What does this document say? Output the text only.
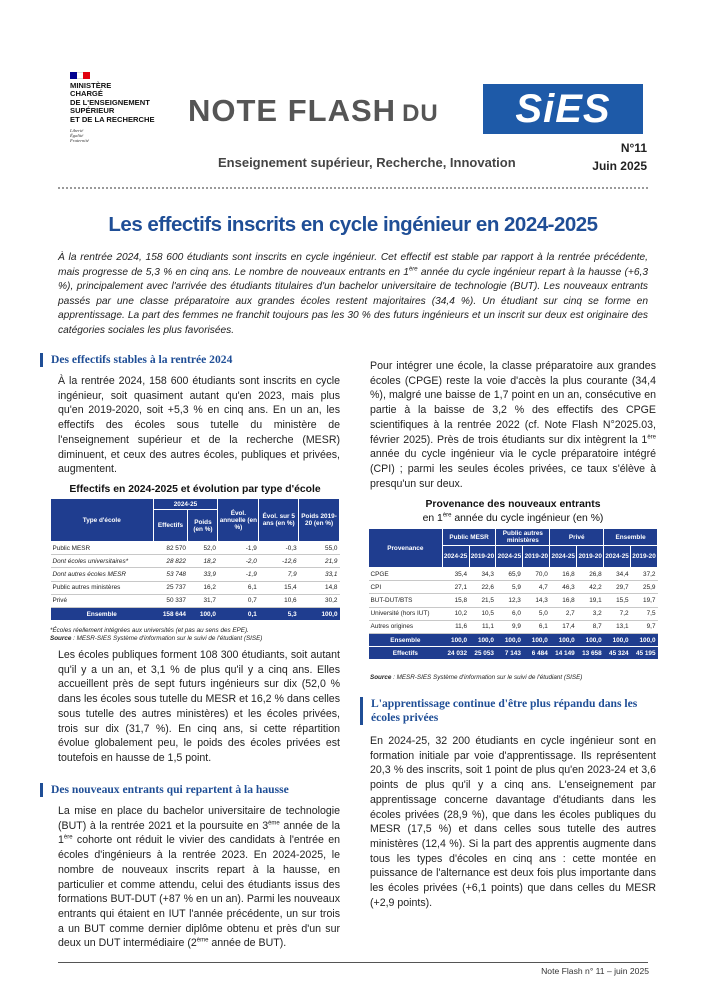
MINISTÈRE
CHARGÉ
DE L'ENSEIGNEMENT
SUPÉRIEUR
ET DE LA RECHERCHE
Liberté
Égalité
Fraternité
NOTE FLASH DU	SiES
N°11
Juin 2025
Enseignement supérieur, Recherche, Innovation
Les effectifs inscrits en cycle ingénieur en 2024-2025
À la rentrée 2024, 158 600 étudiants sont inscrits en cycle ingénieur. Cet effectif est stable par rapport à la rentrée précédente, mais progresse de 5,3 % en cinq ans. Le nombre de nouveaux entrants en 1ère année du cycle ingénieur repart à la hausse (+6,3 %), principalement avec l'arrivée des étudiants titulaires d'un bachelor universitaire de technologie (BUT). Les nouveaux entrants passés par une classe préparatoire aux grandes écoles restent majoritaires (34,4 %). Un étudiant sur cinq se forme en apprentissage. La part des femmes ne franchit toujours pas les 30 % des futurs ingénieurs et un inscrit sur deux est originaire des catégories sociales les plus favorisées.
Des effectifs stables à la rentrée 2024
À la rentrée 2024, 158 600 étudiants sont inscrits en cycle ingénieur, soit quasiment autant qu'en 2023, mais plus qu'en 2019-2020, soit +5,3 % en cinq ans. En un an, les effectifs des écoles sous tutelle du ministère de l'enseignement supérieur et de la recherche (MESR) diminuent, et ceux des autres écoles, publiques et privées, augmentent.
Effectifs en 2024-2025 et évolution par type d'école
Type d'école	2024-25		Évol. annuelle (en %)	Évol. sur 5 ans (en %)	Poids 2019-20 (en %)
	Effectifs	Poids (en %)			
Public MESR	82 570	52,0	-1,9	-0,3	55,0
Dont écoles universitaires*	28 822	18,2	-2,0	-12,6	21,9
Dont autres écoles MESR	53 748	33,9	-1,9	7,9	33,1
Public autres ministères	25 737	16,2	6,1	15,4	14,8
Privé	50 337	31,7	0,7	10,6	30,2
Ensemble	158 644	100,0	0,1	5,3	100,0
*Écoles réellement intégrées aux universités (et pas au sens des EPE).
Source : MESR-SIES Système d'information sur le suivi de l'étudiant (SISE)
Les écoles publiques forment 108 300 étudiants, soit autant qu'il y a un an, et 3,1 % de plus qu'il y a cinq ans. Elles accueillent près de sept futurs ingénieurs sur dix (52,0 % dans les écoles sous tutelle du MESR et 16,2 % dans celles sous tutelle des autres ministères) et les écoles privées, trois sur dix (31,7 %). En cinq ans, si cette répartition évolue globalement peu, le poids des écoles privées est toutefois en hausse de 1,5 point.
Des nouveaux entrants qui repartent à la hausse
La mise en place du bachelor universitaire de technologie (BUT) à la rentrée 2021 et la poursuite en 3ème année de la 1ère cohorte ont réduit le vivier des candidats à l'entrée en écoles d'ingénieurs à la rentrée 2023. En 2024-2025, le nombre de nouveaux inscrits repart à la hausse, en particulier et comme attendu, celui des étudiants issus des formations BUT-DUT (+87 % en un an). Parmi les nouveaux entrants qui étaient en IUT l'année précédente, un sur trois a un BUT comme dernier diplôme obtenu et près d'un sur deux un DUT intermédiaire (2ème année de BUT).
Pour intégrer une école, la classe préparatoire aux grandes écoles (CPGE) reste la voie d'accès la plus courante (34,4 %), malgré une baisse de 1,7 point en un an, consécutive en partie à la baisse de 3,2 % des effectifs des CPGE scientifiques à la rentrée 2022 (cf. Note Flash N°2025.03, février 2025). Près de trois étudiants sur dix intègrent la 1ère année du cycle ingénieur via le cycle préparatoire intégré (CPI) ; parmi les seules écoles privées, ce taux s'élève à presqu'un sur deux.
Provenance des nouveaux entrants
en 1ère année du cycle ingénieur (en %)
Provenance	Public MESR		Public autres ministères		Privé		Ensemble	
	2024-25	2019-20	2024-25	2019-20	2024-25	2019-20	2024-25	2019-20
CPGE	35,4	34,3	65,9	70,0	16,8	26,8	34,4	37,2
CPI	27,1	22,6	5,9	4,7	46,3	42,2	29,7	25,9
BUT-DUT/BTS	15,8	21,5	12,3	14,3	16,8	19,1	15,5	19,7
Université (hors IUT)	10,2	10,5	6,0	5,0	2,7	3,2	7,2	7,5
Autres origines	11,6	11,1	9,9	6,1	17,4	8,7	13,1	9,7
Ensemble	100,0	100,0	100,0	100,0	100,0	100,0	100,0	100,0
Effectifs	24 032	25 053	7 143	6 484	14 149	13 658	45 324	45 195
Source : MESR-SIES Système d'information sur le suivi de l'étudiant (SISE)
L'apprentissage continue d'être plus répandu dans les écoles privées
En 2024-25, 32 200 étudiants en cycle ingénieur sont en formation initiale par voie d'apprentissage. Ils représentent 20,3 % des inscrits, soit 1 point de plus qu'en 2023-24 et 3,6 points de plus qu'il y a cinq ans. L'enseignement par apprentissage concerne davantage d'étudiants dans les écoles privées (28,9 %), que dans les écoles publiques du MESR (17,5 %) et dans celles sous tutelle des autres ministères (12,4 %). Si la part des apprentis augmente dans tous les types d'écoles en cinq ans : cette montée en puissance de l'alternance est deux fois plus importante dans les écoles privées (+6,1 points) que dans celles du MESR (+2,9 points).
Note Flash n° 11 – juin 2025
